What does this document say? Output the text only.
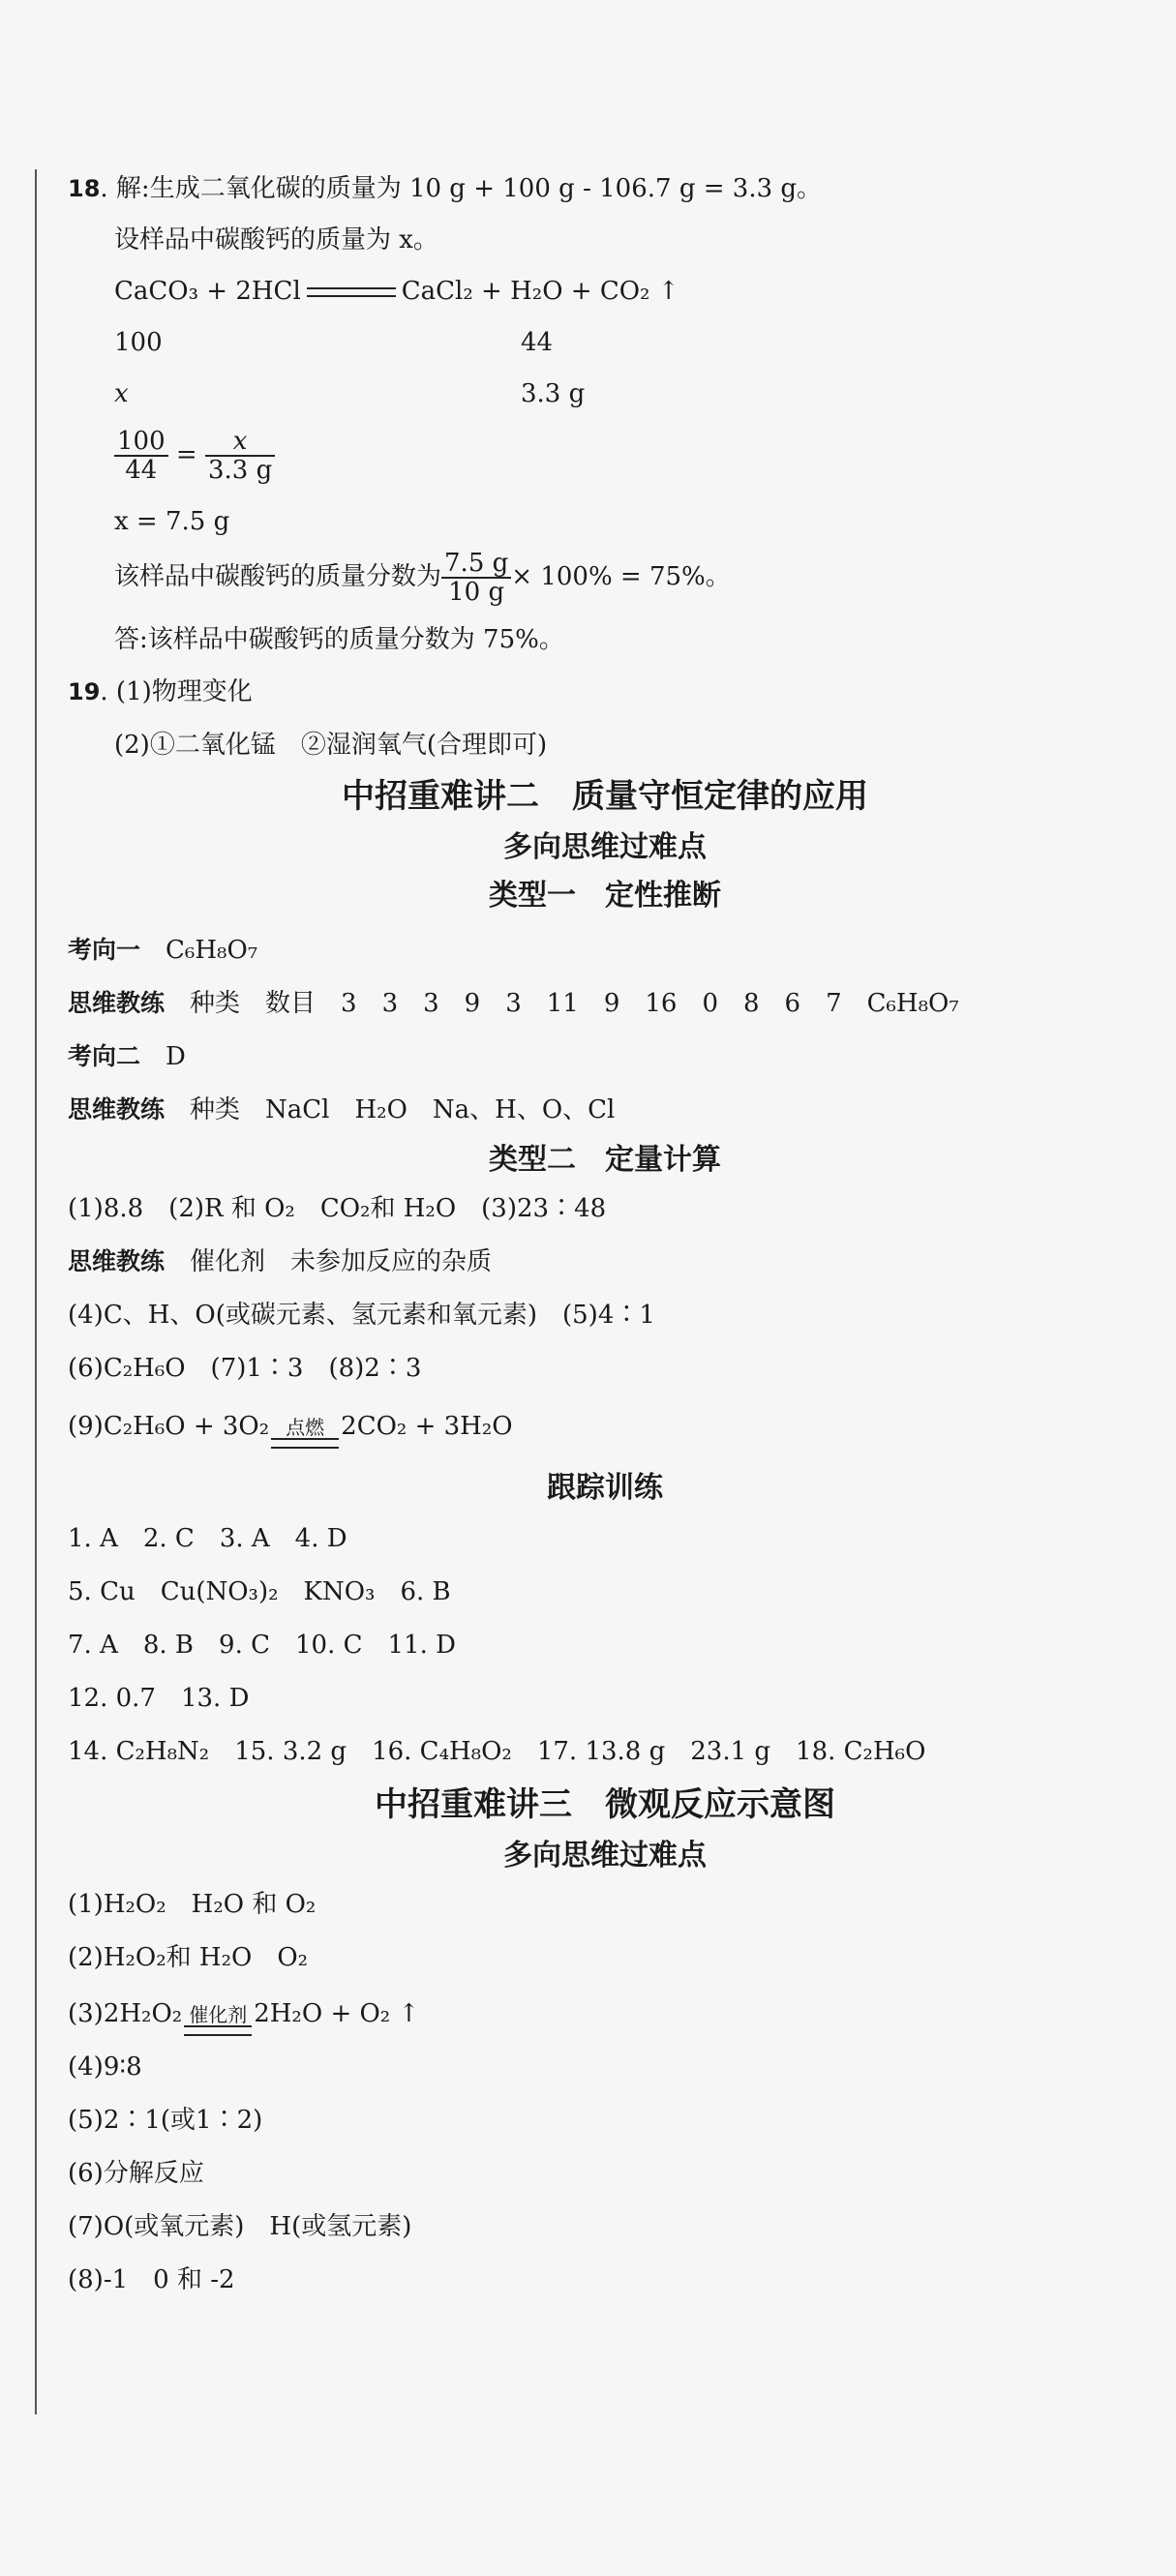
18. 解:生成二氧化碳的质量为 10 g + 100 g - 106.7 g = 3.3 g。
设样品中碳酸钙的质量为 x。
CaCO₃ + 2HCl	CaCl₂ + H₂O + CO₂ ↑
100	44
x	3.3 g
$\frac{100}{44} = \frac{x}{3.3 g}$
x = 7.5 g
该样品中碳酸钙的质量分数为 $\frac{7.5 g}{10 g} \times 100\% = 75\%$。
答:该样品中碳酸钙的质量分数为 75%。
19. (1)物理变化
(2)①二氧化锰　②湿润氧气(合理即可)
中招重难讲二　质量守恒定律的应用
多向思维过难点
类型一　定性推断
考向一　 C₆H₈O₇
思维教练　 种类　数目　3　3　3　9　3　11　9　16　0　8　6　7　C₆H₈O₇
考向二　 D
思维教练　 种类　NaCl　H₂O　Na、H、O、Cl
类型二　定量计算
(1)8.8　(2)R 和 O₂　CO₂和 H₂O　(3)23∶48
思维教练　 催化剂　未参加反应的杂质
(4)C、H、O(或碳元素、氢元素和氧元素)　(5)4∶1
(6)C₂H₆O　(7)1∶3　(8)2∶3
(9)C₂H₆O + 3O₂ 点燃 2CO₂ + 3H₂O
跟踪训练
1. A　2. C　3. A　4. D
5. Cu　Cu(NO₃)₂　KNO₃　6. B
7. A　8. B　9. C　10. C　11. D
12. 0.7　13. D
14. C₂H₈N₂　15. 3.2 g　16. C₄H₈O₂　17. 13.8 g　23.1 g　18. C₂H₆O
中招重难讲三　微观反应示意图
多向思维过难点
(1)H₂O₂　H₂O 和 O₂
(2)H₂O₂和 H₂O　O₂
(3)2H₂O₂ 催化剂 2H₂O + O₂ ↑
(4)9∶8
(5)2∶1(或1∶2)
(6)分解反应
(7)O(或氧元素)　H(或氢元素)
(8)-1　0 和 -2
